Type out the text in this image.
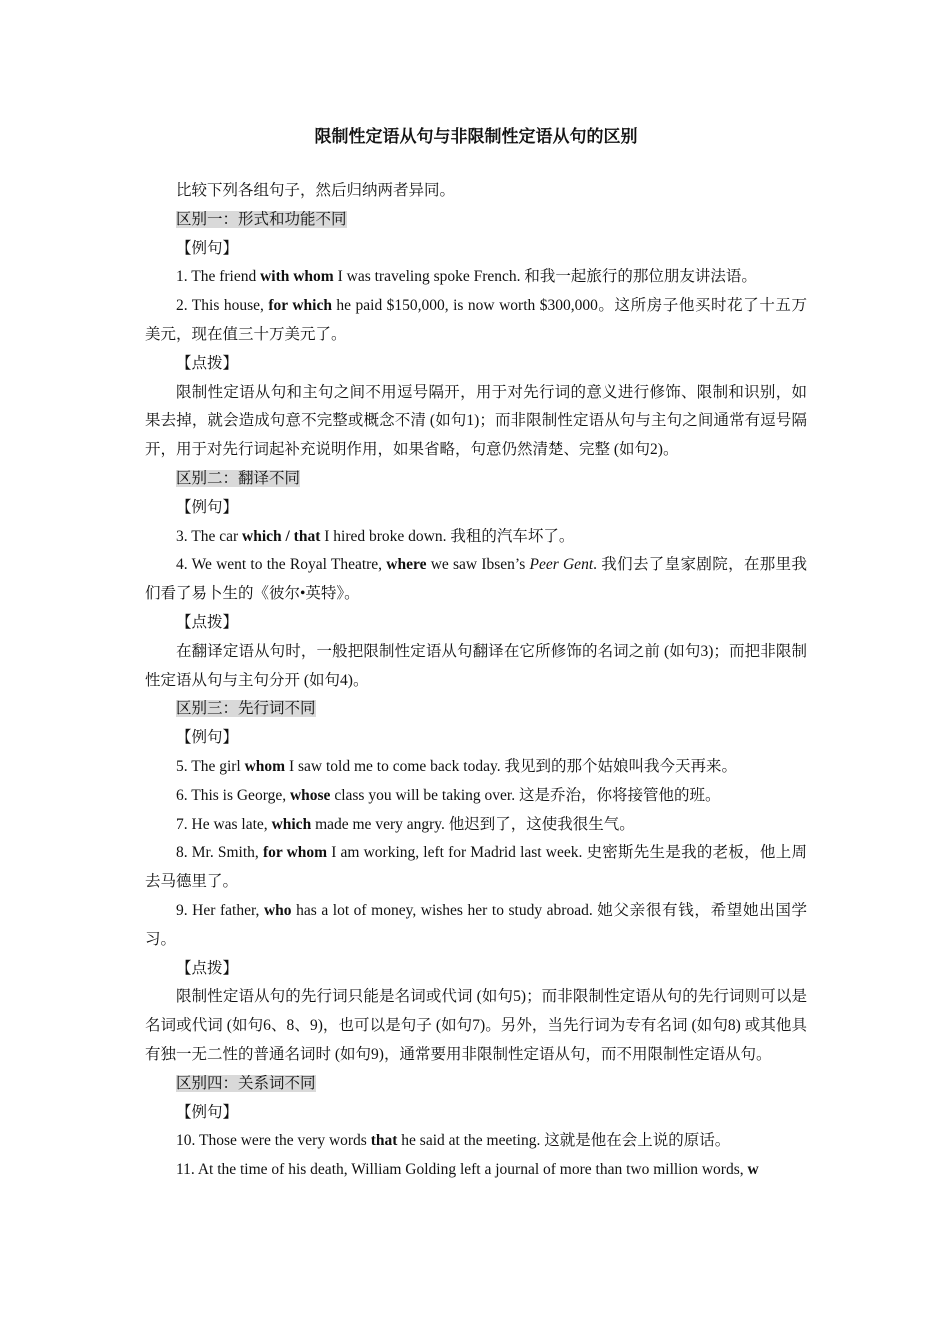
限制性定语从句与非限制性定语从句的区别

比较下列各组句子，然后归纳两者异同。

区别一：形式和功能不同

【例句】

1. The friend with whom I was traveling spoke French. 和我一起旅行的那位朋友讲法语。

2. This house, for which he paid $150,000, is now worth $300,000。这所房子他买时花了十五万美元，现在值三十万美元了。

【点拨】

限制性定语从句和主句之间不用逗号隔开，用于对先行词的意义进行修饰、限制和识别，如果去掉，就会造成句意不完整或概念不清 (如句1)；而非限制性定语从句与主句之间通常有逗号隔开，用于对先行词起补充说明作用，如果省略，句意仍然清楚、完整 (如句2)。

区别二：翻译不同

【例句】

3. The car which / that I hired broke down. 我租的汽车坏了。

4. We went to the Royal Theatre, where we saw Ibsen’s Peer Gent. 我们去了皇家剧院，在那里我们看了易卜生的《彼尔•英特》。

【点拨】

在翻译定语从句时，一般把限制性定语从句翻译在它所修饰的名词之前 (如句3)；而把非限制性定语从句与主句分开 (如句4)。

区别三：先行词不同

【例句】

5. The girl whom I saw told me to come back today. 我见到的那个姑娘叫我今天再来。

6. This is George, whose class you will be taking over. 这是乔治，你将接管他的班。

7. He was late, which made me very angry. 他迟到了，这使我很生气。

8. Mr. Smith, for whom I am working, left for Madrid last week. 史密斯先生是我的老板，他上周去马德里了。

9. Her father, who has a lot of money, wishes her to study abroad. 她父亲很有钱，希望她出国学习。

【点拨】

限制性定语从句的先行词只能是名词或代词 (如句5)；而非限制性定语从句的先行词则可以是名词或代词 (如句6、8、9)，也可以是句子 (如句7)。另外，当先行词为专有名词 (如句8) 或其他具有独一无二性的普通名词时 (如句9)，通常要用非限制性定语从句，而不用限制性定语从句。

区别四：关系词不同

【例句】

10. Those were the very words that he said at the meeting. 这就是他在会上说的原话。

11. At the time of his death, William Golding left a journal of more than two million words, w
